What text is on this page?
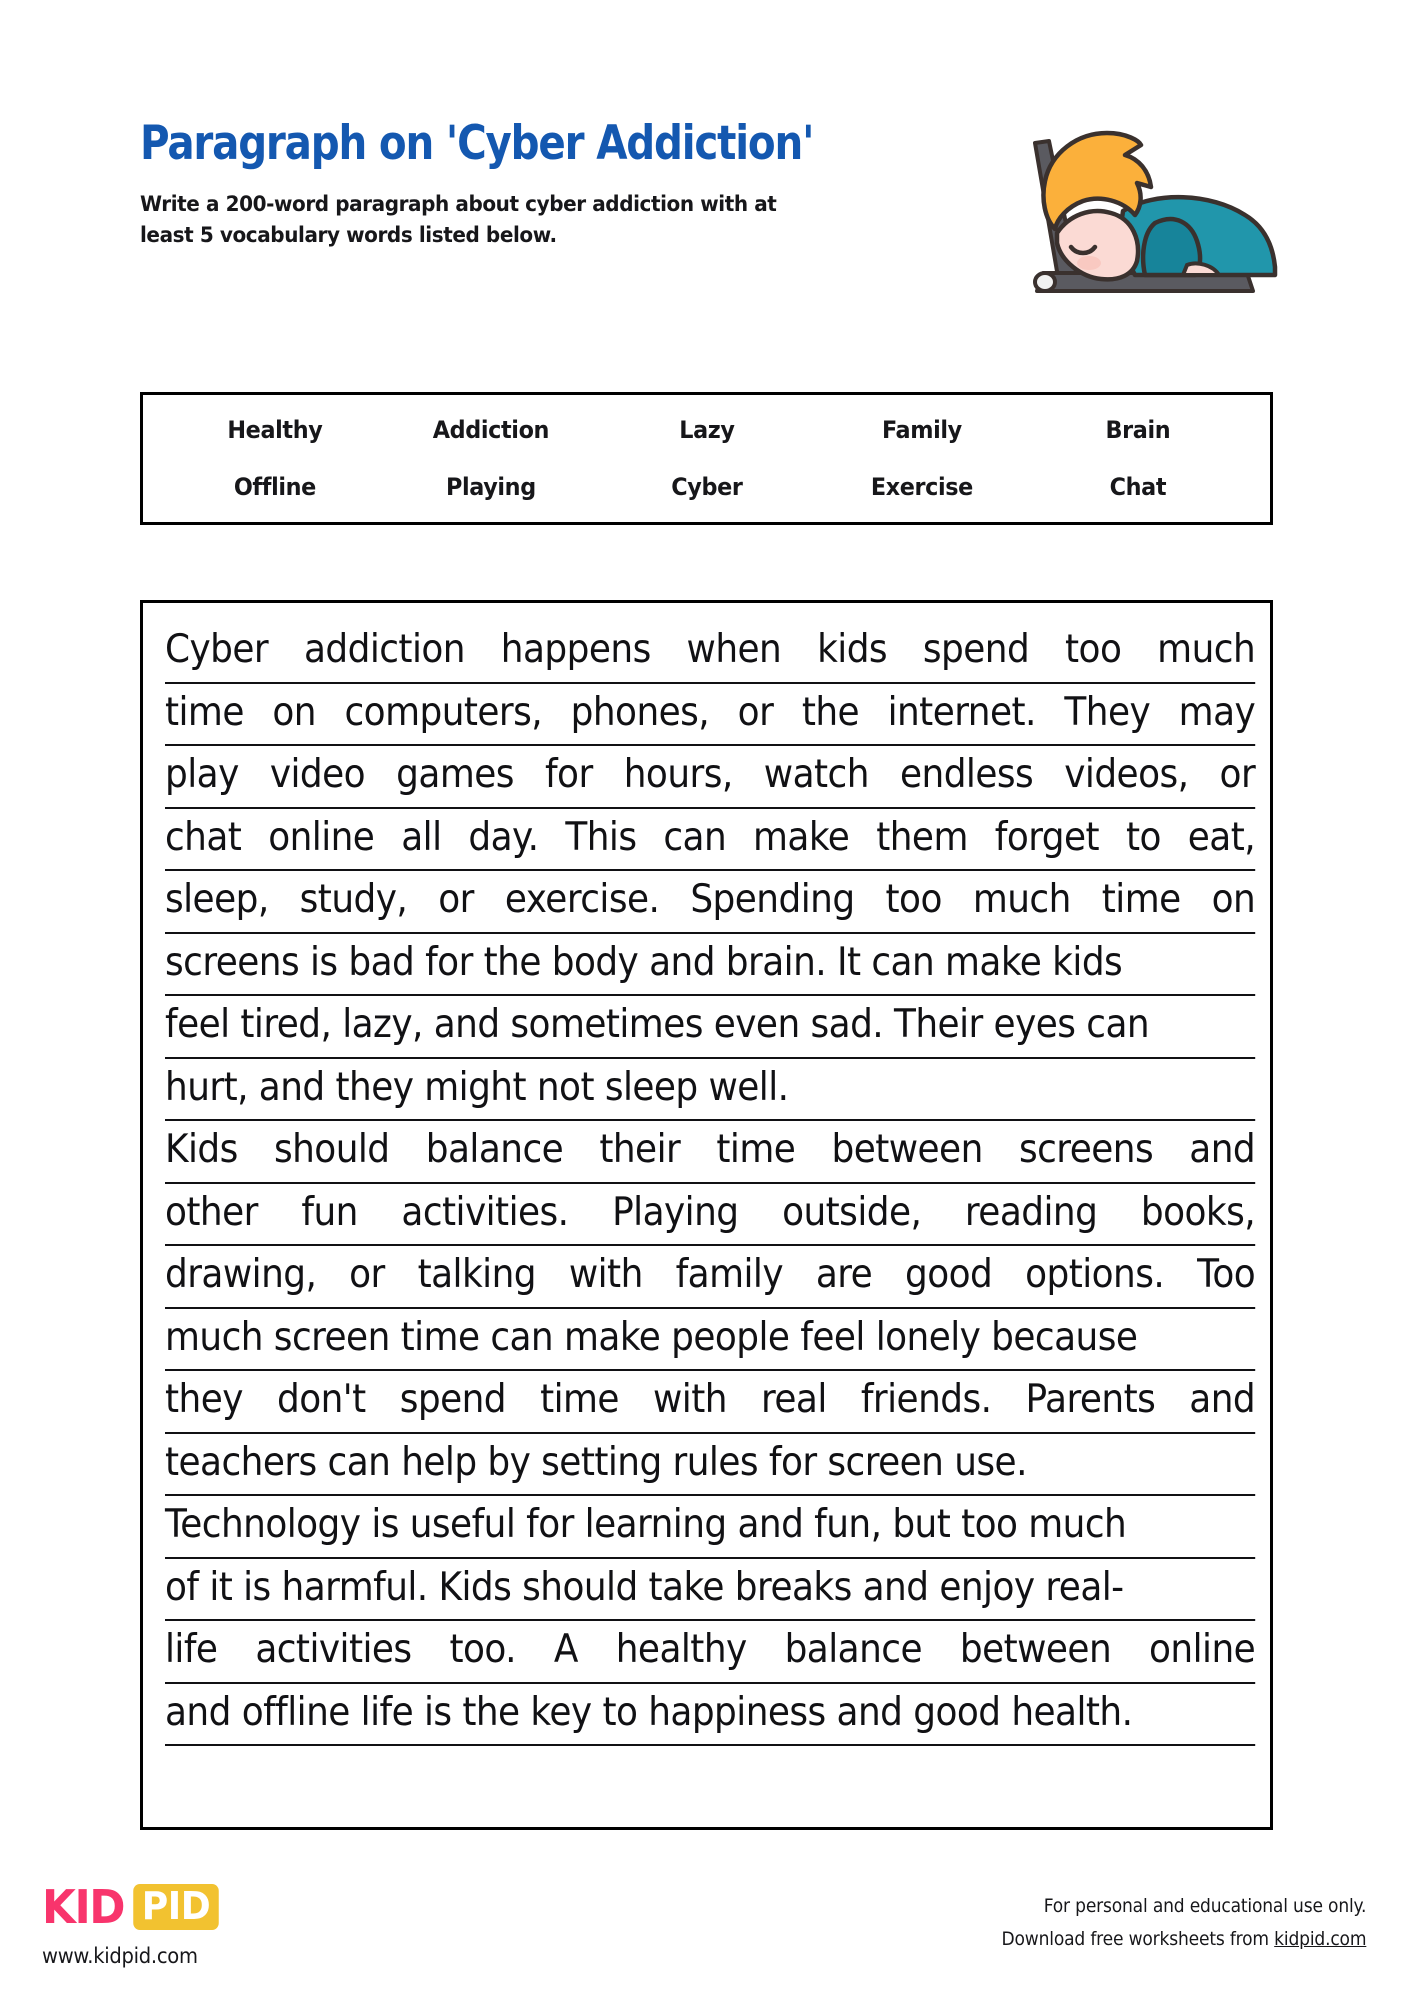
Paragraph on 'Cyber Addiction'
Write a 200-word paragraph about cyber addiction with at least 5 vocabulary words listed below.
Healthy	Addiction	Lazy	Family	Brain
Offline	Playing	Cyber	Exercise	Chat
Cyber addiction happens when kids spend too much
time on computers, phones, or the internet. They may
play video games for hours, watch endless videos, or
chat online all day. This can make them forget to eat,
sleep, study, or exercise. Spending too much time on
screens is bad for the body and brain. It can make kids
feel tired, lazy, and sometimes even sad. Their eyes can
hurt, and they might not sleep well.
Kids should balance their time between screens and
other fun activities. Playing outside, reading books,
drawing, or talking with family are good options. Too
much screen time can make people feel lonely because
they don't spend time with real friends. Parents and
teachers can help by setting rules for screen use.
Technology is useful for learning and fun, but too much
of it is harmful. Kids should take breaks and enjoy real-
life activities too. A healthy balance between online
and offline life is the key to happiness and good health.
KID PID
www.kidpid.com
For personal and educational use only.
Download free worksheets from kidpid.com
